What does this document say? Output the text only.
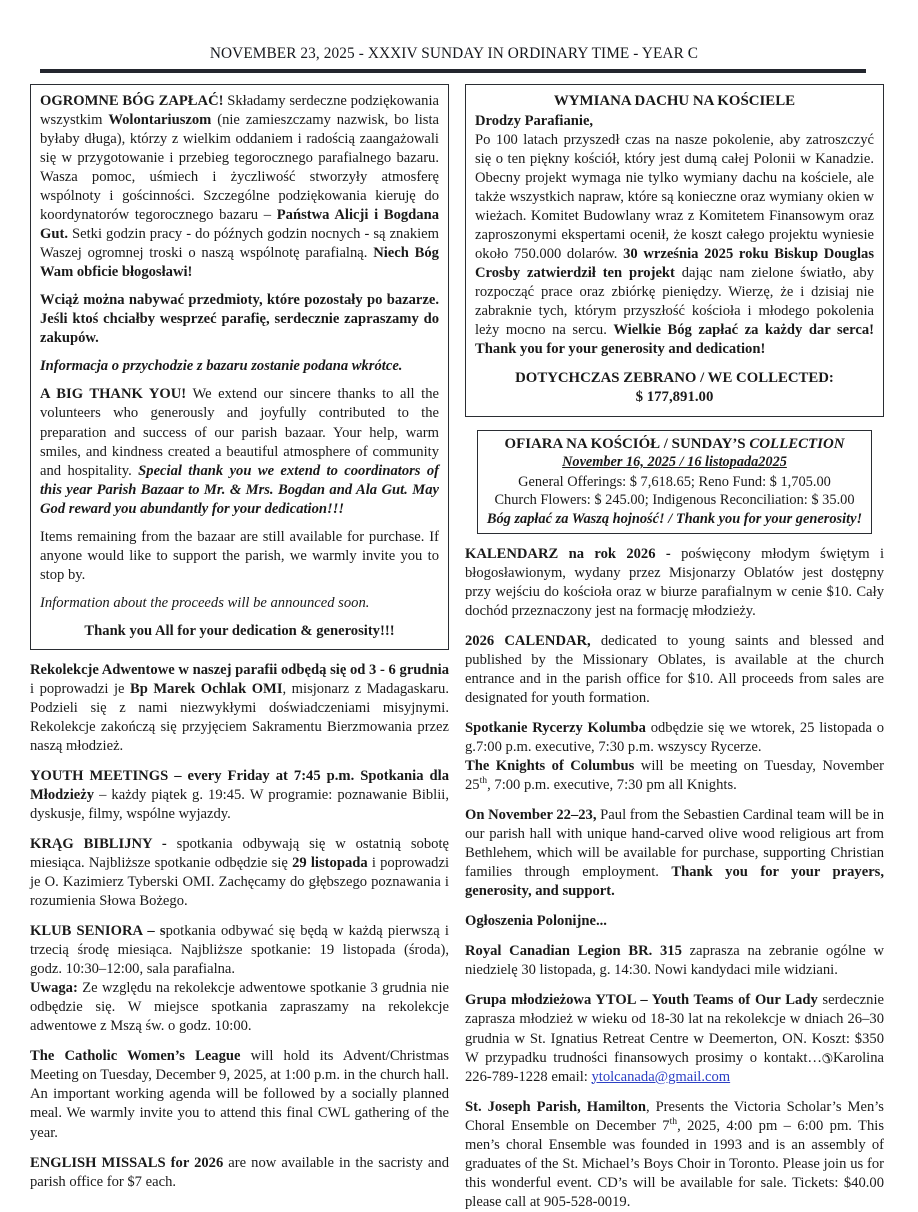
NOVEMBER 23, 2025 - XXXIV SUNDAY IN ORDINARY TIME - YEAR C

OGROMNE BÓG ZAPŁAĆ! Składamy serdeczne podziękowania wszystkim Wolontariuszom (nie zamieszczamy nazwisk, bo lista byłaby długa), którzy z wielkim oddaniem i radością zaangażowali się w przygotowanie i przebieg tegorocznego parafialnego bazaru. Wasza pomoc, uśmiech i życzliwość stworzyły atmosferę wspólnoty i gościnności. Szczególne podziękowania kieruję do koordynatorów tegorocznego bazaru – Państwa Alicji i Bogdana Gut. Setki godzin pracy - do późnych godzin nocnych - są znakiem Waszej ogromnej troski o naszą wspólnotę parafialną. Niech Bóg Wam obficie błogosławi!

Wciąż można nabywać przedmioty, które pozostały po bazarze. Jeśli ktoś chciałby wesprzeć parafię, serdecznie zapraszamy do zakupów.

Informacja o przychodzie z bazaru zostanie podana wkrótce.

A BIG THANK YOU! We extend our sincere thanks to all the volunteers who generously and joyfully contributed to the preparation and success of our parish bazaar. Your help, warm smiles, and kindness created a beautiful atmosphere of community and hospitality. Special thank you we extend to coordinators of this year Parish Bazaar to Mr. & Mrs. Bogdan and Ala Gut. May God reward you abundantly for your dedication!!!

Items remaining from the bazaar are still available for purchase. If anyone would like to support the parish, we warmly invite you to stop by.

Information about the proceeds will be announced soon.

Thank you All for your dedication & generosity!!!

Rekolekcje Adwentowe w naszej parafii odbędą się od 3 - 6 grudnia i poprowadzi je Bp Marek Ochlak OMI, misjonarz z Madagaskaru. Podzieli się z nami niezwykłymi doświadczeniami misyjnymi. Rekolekcje zakończą się przyjęciem Sakramentu Bierzmowania przez naszą młodzież.

YOUTH MEETINGS – every Friday at 7:45 p.m. Spotkania dla Młodzieży – każdy piątek g. 19:45. W programie: poznawanie Biblii, dyskusje, filmy, wspólne wyjazdy.

KRĄG BIBLIJNY - spotkania odbywają się w ostatnią sobotę miesiąca. Najbliższe spotkanie odbędzie się 29 listopada i poprowadzi je O. Kazimierz Tyberski OMI. Zachęcamy do głębszego poznawania i rozumienia Słowa Bożego.

KLUB SENIORA – spotkania odbywać się będą w każdą pierwszą i trzecią środę miesiąca. Najbliższe spotkanie: 19 listopada (środa), godz. 10:30–12:00, sala parafialna.

Uwaga: Ze względu na rekolekcje adwentowe spotkanie 3 grudnia nie odbędzie się. W miejsce spotkania zapraszamy na rekolekcje adwentowe z Mszą św. o godz. 10:00.

The Catholic Women’s League will hold its Advent/Christmas Meeting on Tuesday, December 9, 2025, at 1:00 p.m. in the church hall. An important working agenda will be followed by a socially planned meal. We warmly invite you to attend this final CWL gathering of the year.

ENGLISH MISSALS for 2026 are now available in the sacristy and parish office for $7 each.

WYMIANA DACHU NA KOŚCIELE

Drodzy Parafianie,

Po 100 latach przyszedł czas na nasze pokolenie, aby zatroszczyć się o ten piękny kościół, który jest dumą całej Polonii w Kanadzie. Obecny projekt wymaga nie tylko wymiany dachu na kościele, ale także wszystkich napraw, które są konieczne oraz wymiany okien w wieżach. Komitet Budowlany wraz z Komitetem Finansowym oraz zaproszonymi ekspertami ocenił, że koszt całego projektu wyniesie około 750.000 dolarów. 30 września 2025 roku Biskup Douglas Crosby zatwierdził ten projekt dając nam zielone światło, aby rozpocząć prace oraz zbiórkę pieniędzy. Wierzę, że i dzisiaj nie zabraknie tych, którym przyszłość kościoła i młodego pokolenia leży mocno na sercu. Wielkie Bóg zapłać za każdy dar serca! Thank you for your generosity and dedication!

DOTYCHCZAS ZEBRANO / WE COLLECTED:
$ 177,891.00
OFIARA NA KOŚCIÓŁ / SUNDAY’S COLLECTION
November 16, 2025 / 16 listopada2025
General Offerings: $ 7,618.65; Reno Fund: $ 1,705.00
Church Flowers: $ 245.00; Indigenous Reconciliation: $ 35.00
Bóg zapłać za Waszą hojność! / Thank you for your generosity!

KALENDARZ na rok 2026 - poświęcony młodym świętym i błogosławionym, wydany przez Misjonarzy Oblatów jest dostępny przy wejściu do kościoła oraz w biurze parafialnym w cenie $10. Cały dochód przeznaczony jest na formację młodzieży.

2026 CALENDAR, dedicated to young saints and blessed and published by the Missionary Oblates, is available at the church entrance and in the parish office for $10. All proceeds from sales are designated for youth formation.

Spotkanie Rycerzy Kolumba odbędzie się we wtorek, 25 listopada o g.7:00 p.m. executive, 7:30 p.m. wszyscy Rycerze.

The Knights of Columbus will be meeting on Tuesday, November 25th, 7:00 p.m. executive, 7:30 pm all Knights.

On November 22–23, Paul from the Sebastien Cardinal team will be in our parish hall with unique hand-carved olive wood religious art from Bethlehem, which will be available for purchase, supporting Christian families through employment. Thank you for your prayers, generosity, and support.

Ogłoszenia Polonijne...

Royal Canadian Legion BR. 315 zaprasza na zebranie ogólne w niedzielę 30 listopada, g. 14:30. Nowi kandydaci mile widziani.

Grupa młodzieżowa YTOL – Youth Teams of Our Lady serdecznie zaprasza młodzież w wieku od 18-30 lat na rekolekcje w dniach 26–30 grudnia w St. Ignatius Retreat Centre w Deemerton, ON. Koszt: $350 W przypadku trudności finansowych prosimy o kontakt…✆Karolina 226-789-1228 email: ytolcanada@gmail.com

St. Joseph Parish, Hamilton, Presents the Victoria Scholar’s Men’s Choral Ensemble on December 7th, 2025, 4:00 pm – 6:00 pm. This men’s choral Ensemble was founded in 1993 and is an assembly of graduates of the St. Michael’s Boys Choir in Toronto. Please join us for this wonderful event. CD’s will be available for sale. Tickets: $40.00 please call at 905-528-0019.
